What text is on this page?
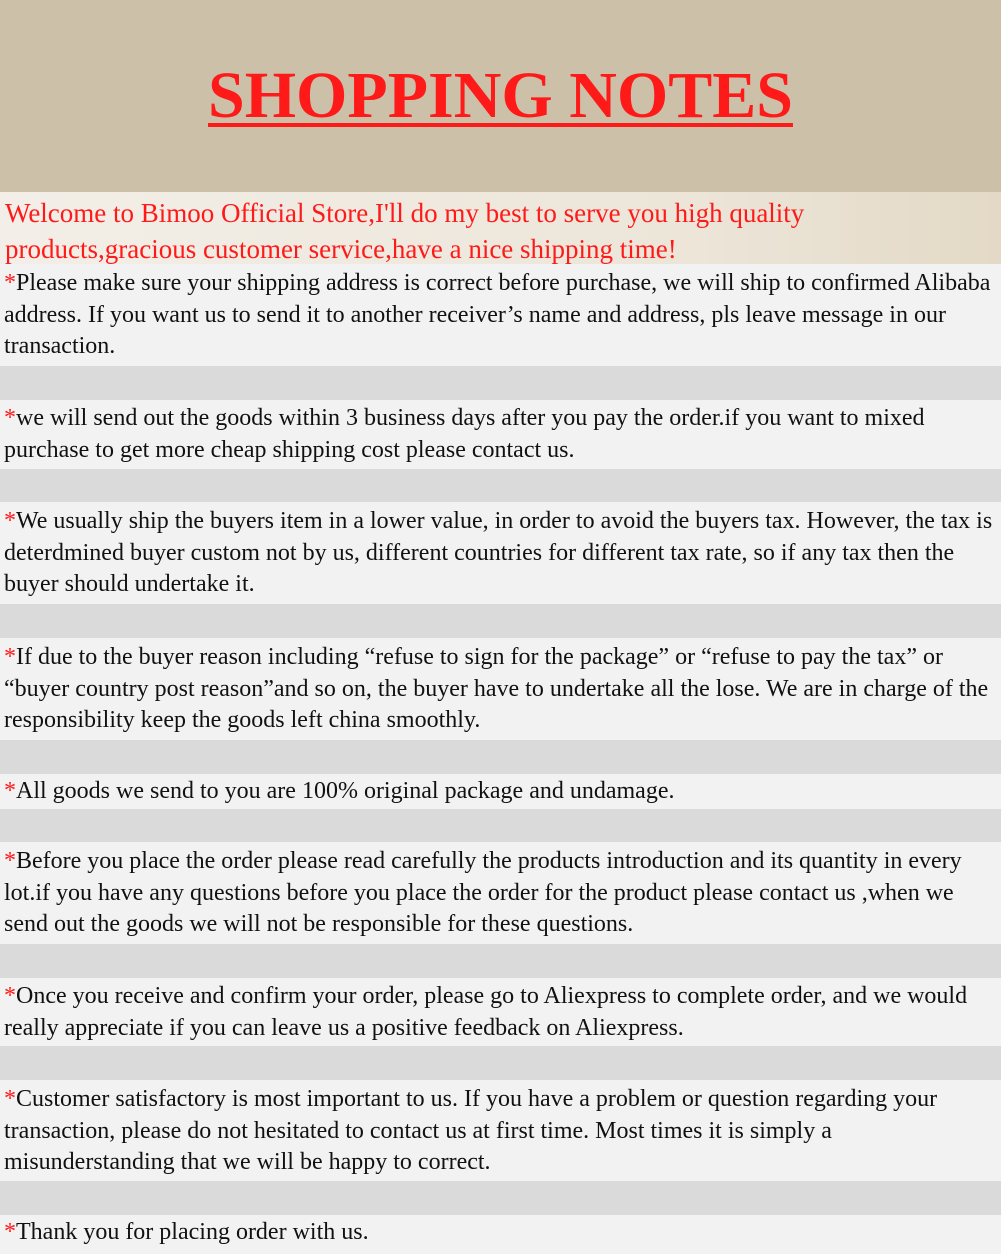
SHOPPING NOTES
Welcome to Bimoo Official Store,I'll do my best to serve you high quality products,gracious customer service,have a nice shipping time!
*Please make sure your shipping address is correct before purchase, we will ship to confirmed Alibaba address. If you want us to send it to another receiver’s name and address, pls leave message in our transaction.
*we will send out the goods within 3 business days after you pay the order.if you want to mixed purchase to get more cheap shipping cost please contact us.
*We usually ship the buyers item in a lower value, in order to avoid the buyers tax. However, the tax is deterdmined buyer custom not by us, different countries for different tax rate, so if any tax then the buyer should undertake it.
*If due to the buyer reason including “refuse to sign for the package” or “refuse to pay the tax” or “buyer country post reason”and so on, the buyer have to undertake all the lose. We are in charge of the responsibility keep the goods left china smoothly.
*All goods we send to you are 100% original package and undamage.
*Before you place the order please read carefully the products introduction and its quantity in every lot.if you have any questions before you place the order for the product please contact us ,when we send out the goods we will not be responsible for these questions.
*Once you receive and confirm your order, please go to Aliexpress to complete order, and we would really appreciate if you can leave us a positive feedback on Aliexpress.
*Customer satisfactory is most important to us. If you have a problem or question regarding your transaction, please do not hesitated to contact us at first time. Most times it is simply a misunderstanding that we will be happy to correct.
*Thank you for placing order with us.
